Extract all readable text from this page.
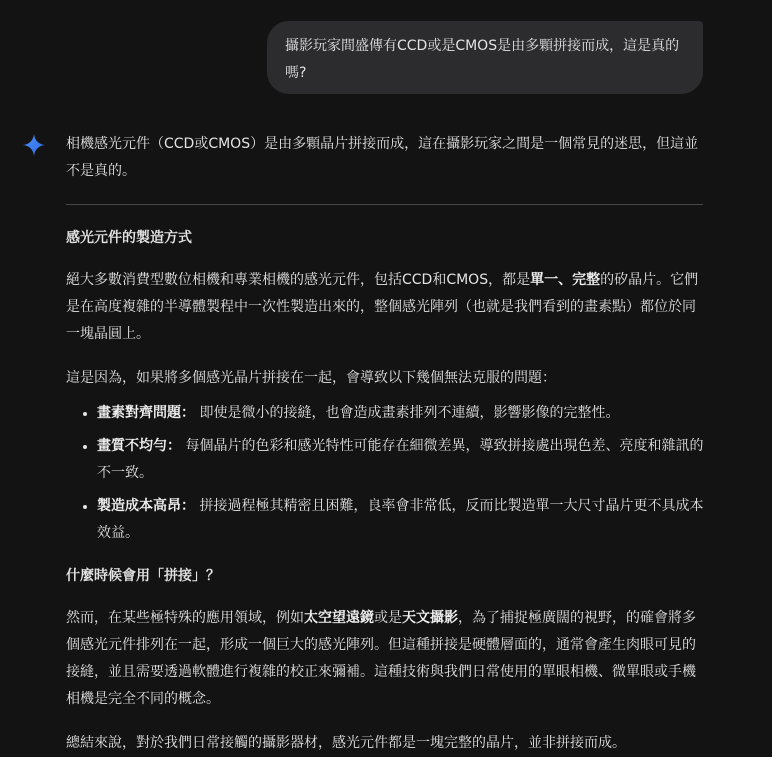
攝影玩家間盛傳有CCD或是CMOS是由多顆拼接而成，這是真的嗎?

相機感光元件（CCD或CMOS）是由多顆晶片拼接而成，這在攝影玩家之間是一個常見的迷思，但這並不是真的。

感光元件的製造方式

絕大多數消費型數位相機和專業相機的感光元件，包括CCD和CMOS，都是單一、完整的矽晶片。它們是在高度複雜的半導體製程中一次性製造出來的，整個感光陣列（也就是我們看到的畫素點）都位於同一塊晶圓上。

這是因為，如果將多個感光晶片拼接在一起，會導致以下幾個無法克服的問題：

• 畫素對齊問題： 即使是微小的接縫，也會造成畫素排列不連續，影響影像的完整性。
• 畫質不均勻： 每個晶片的色彩和感光特性可能存在細微差異，導致拼接處出現色差、亮度和雜訊的不一致。
• 製造成本高昂： 拼接過程極其精密且困難，良率會非常低，反而比製造單一大尺寸晶片更不具成本效益。

什麼時候會用「拼接」？

然而，在某些極特殊的應用領域，例如太空望遠鏡或是天文攝影，為了捕捉極廣闊的視野，的確會將多個感光元件排列在一起，形成一個巨大的感光陣列。但這種拼接是硬體層面的，通常會產生肉眼可見的接縫，並且需要透過軟體進行複雜的校正來彌補。這種技術與我們日常使用的單眼相機、微單眼或手機相機是完全不同的概念。

總結來說，對於我們日常接觸的攝影器材，感光元件都是一塊完整的晶片，並非拼接而成。
